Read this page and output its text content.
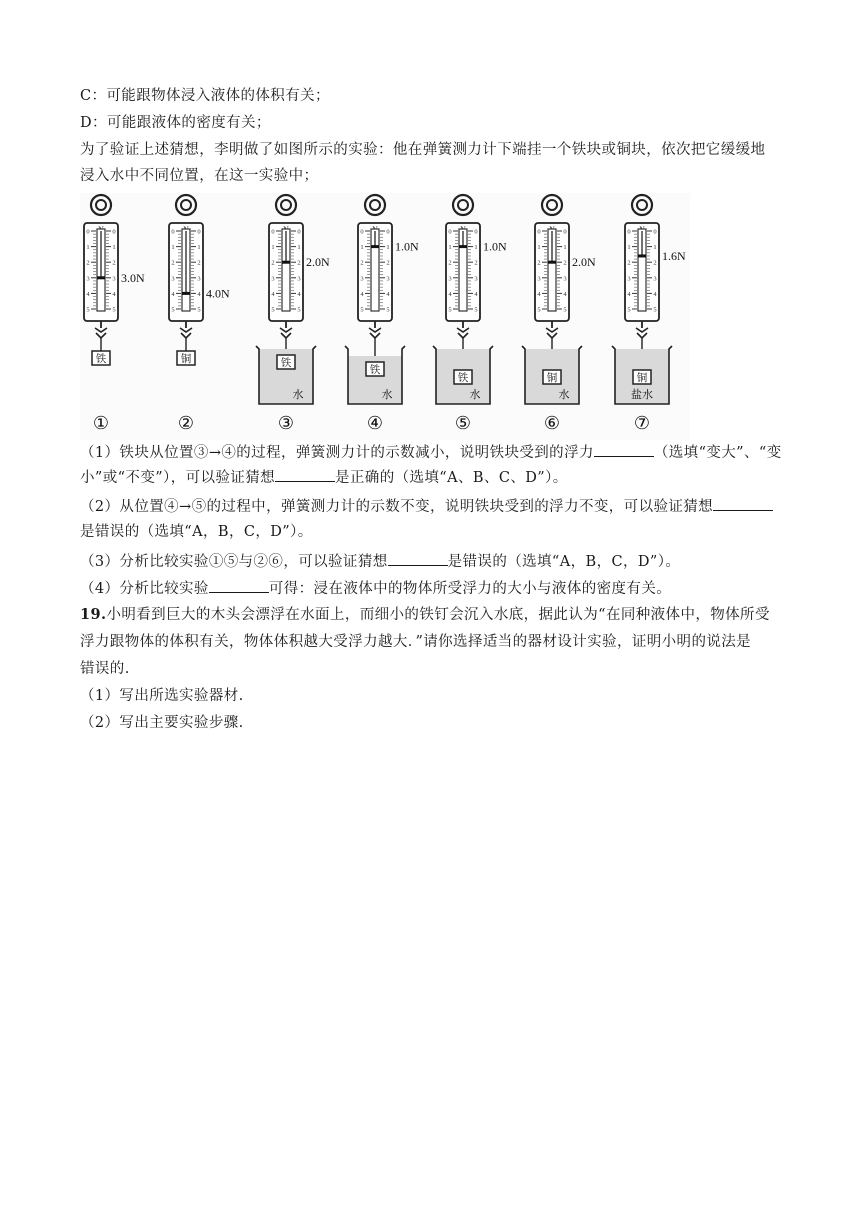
C：可能跟物体浸入液体的体积有关；
D：可能跟液体的密度有关；
为了验证上述猜想，李明做了如图所示的实验：他在弹簧测力计下端挂一个铁块或铜块，依次把它缓缓地
浸入水中不同位置，在这一实验中；
0	0
1	1
2	2
3	3
4	4
5	5
3.0N
铁
①
0	0
1	1
2	2
3	3
4	4
5	5
4.0N
铜
②
0	0
1	1
2	2
3	3
4	4
5	5
2.0N
水
铁
③
0	0
1	1
2	2
3	3
4	4
5	5
1.0N
水
铁
④
0	0
1	1
2	2
3	3
4	4
5	5
1.0N
水
铁
⑤
0	0
1	1
2	2
3	3
4	4
5	5
2.0N
水
铜
⑥
0	0
1	1
2	2
3	3
4	4
5	5
1.6N
盐水
铜
⑦
（1）铁块从位置③→④的过程，弹簧测力计的示数减小，说明铁块受到的浮力	（选填“变大”、“变
小”或“不变”），可以验证猜想	是正确的（选填“A、B、C、D”）。
（2）从位置④→⑤的过程中，弹簧测力计的示数不变，说明铁块受到的浮力不变，可以验证猜想
是错误的（选填“A，B，C，D”）。
（3）分析比较实验①⑤与②⑥，可以验证猜想	是错误的（选填“A，B，C，D”）。
（4）分析比较实验	可得：浸在液体中的物体所受浮力的大小与液体的密度有关。
19.小明看到巨大的木头会漂浮在水面上，而细小的铁钉会沉入水底，据此认为“在同种液体中，物体所受
浮力跟物体的体积有关，物体体积越大受浮力越大．”请你选择适当的器材设计实验，证明小明的说法是
错误的.
（1）写出所选实验器材.
（2）写出主要实验步骤.
